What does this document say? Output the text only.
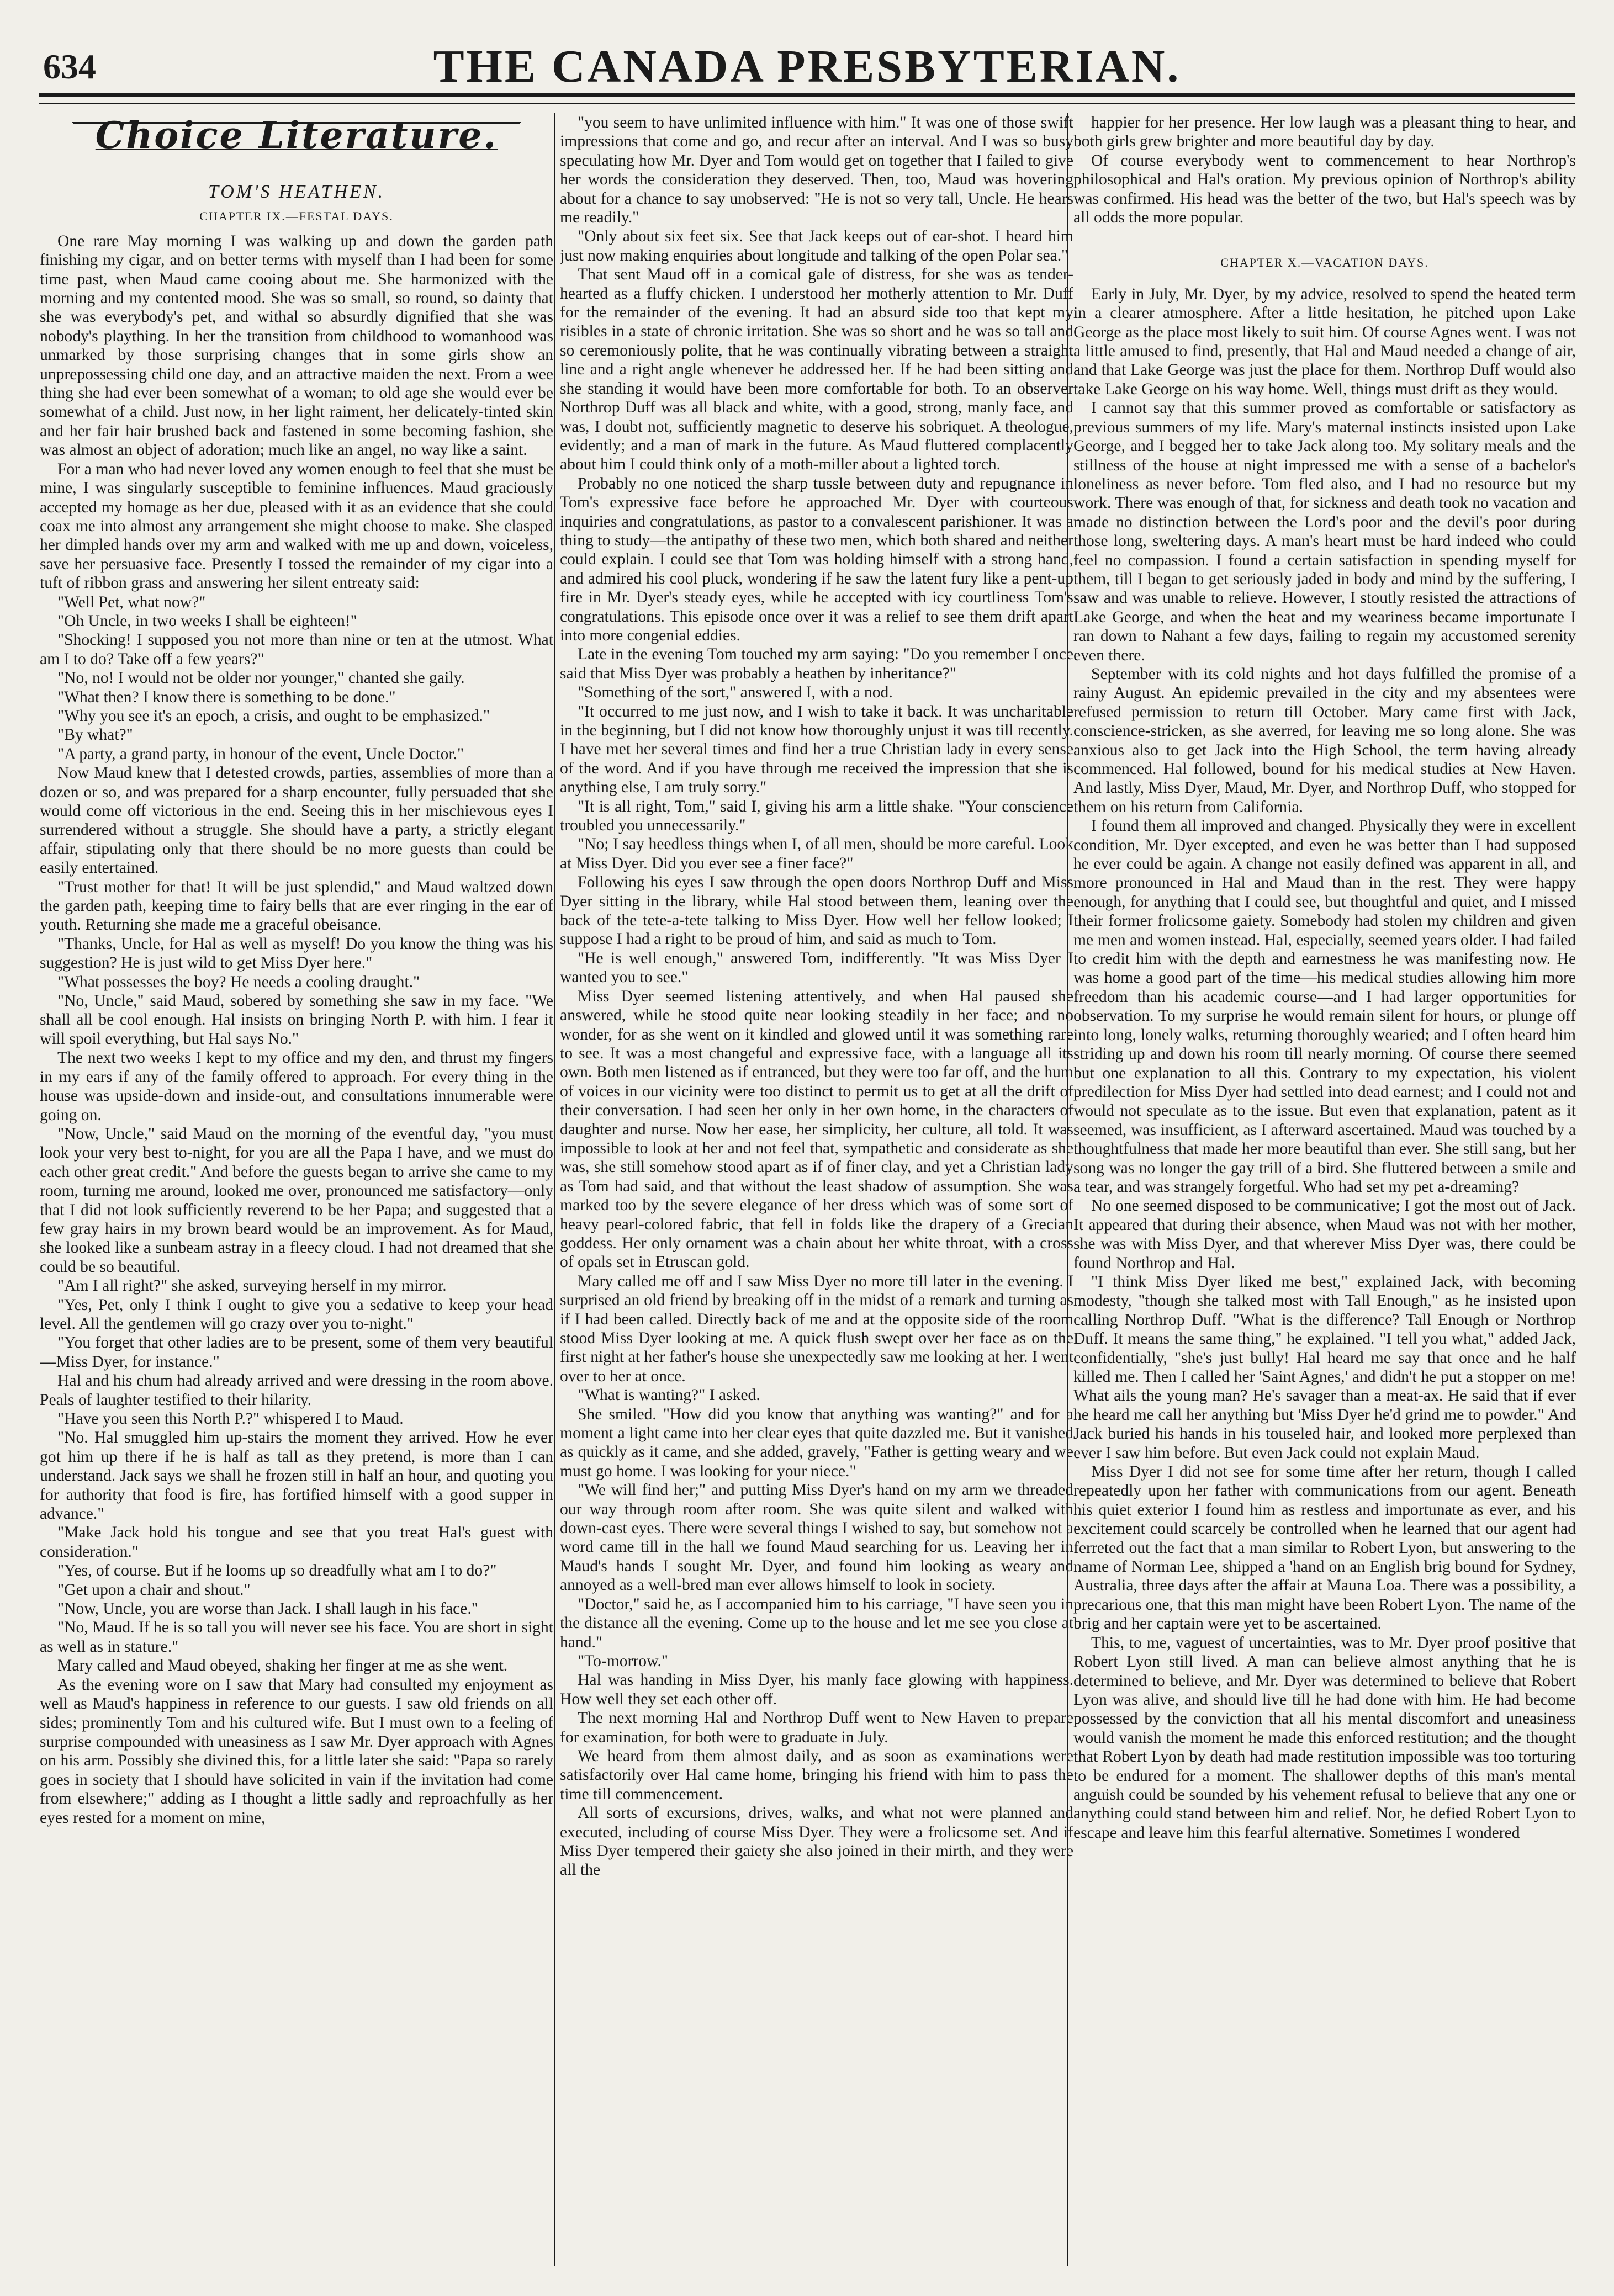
634	THE CANADA PRESBYTERIAN.
Choice Literature.
TOM'S HEATHEN.
CHAPTER IX.—FESTAL DAYS.

One rare May morning I was walking up and down the garden path finishing my cigar, and on better terms with myself than I had been for some time past, when Maud came cooing about me. She harmonized with the morning and my contented mood. She was so small, so round, so dainty that she was everybody's pet, and withal so absurdly dignified that she was nobody's plaything. In her the transition from childhood to womanhood was unmarked by those surprising changes that in some girls show an unprepossessing child one day, and an attractive maiden the next. From a wee thing she had ever been somewhat of a woman; to old age she would ever be somewhat of a child. Just now, in her light raiment, her delicately-tinted skin and her fair hair brushed back and fastened in some becoming fashion, she was almost an object of adoration; much like an angel, no way like a saint.

For a man who had never loved any women enough to feel that she must be mine, I was singularly susceptible to feminine influences. Maud graciously accepted my homage as her due, pleased with it as an evidence that she could coax me into almost any arrangement she might choose to make. She clasped her dimpled hands over my arm and walked with me up and down, voiceless, save her persuasive face. Presently I tossed the remainder of my cigar into a tuft of ribbon grass and answering her silent entreaty said:

"Well Pet, what now?"

"Oh Uncle, in two weeks I shall be eighteen!"

"Shocking! I supposed you not more than nine or ten at the utmost. What am I to do? Take off a few years?"

"No, no! I would not be older nor younger," chanted she gaily.

"What then? I know there is something to be done."

"Why you see it's an epoch, a crisis, and ought to be emphasized."

"By what?"

"A party, a grand party, in honour of the event, Uncle Doctor."

Now Maud knew that I detested crowds, parties, assemblies of more than a dozen or so, and was prepared for a sharp encounter, fully persuaded that she would come off victorious in the end. Seeing this in her mischievous eyes I surrendered without a struggle. She should have a party, a strictly elegant affair, stipulating only that there should be no more guests than could be easily entertained.

"Trust mother for that! It will be just splendid," and Maud waltzed down the garden path, keeping time to fairy bells that are ever ringing in the ear of youth. Returning she made me a graceful obeisance.

"Thanks, Uncle, for Hal as well as myself! Do you know the thing was his suggestion? He is just wild to get Miss Dyer here."

"What possesses the boy? He needs a cooling draught."

"No, Uncle," said Maud, sobered by something she saw in my face. "We shall all be cool enough. Hal insists on bringing North P. with him. I fear it will spoil everything, but Hal says No."

The next two weeks I kept to my office and my den, and thrust my fingers in my ears if any of the family offered to approach. For every thing in the house was upside-down and inside-out, and consultations innumerable were going on.

"Now, Uncle," said Maud on the morning of the eventful day, "you must look your very best to-night, for you are all the Papa I have, and we must do each other great credit." And before the guests began to arrive she came to my room, turning me around, looked me over, pronounced me satisfactory—only that I did not look sufficiently reverend to be her Papa; and suggested that a few gray hairs in my brown beard would be an improvement. As for Maud, she looked like a sunbeam astray in a fleecy cloud. I had not dreamed that she could be so beautiful.

"Am I all right?" she asked, surveying herself in my mirror.

"Yes, Pet, only I think I ought to give you a sedative to keep your head level. All the gentlemen will go crazy over you to-night."

"You forget that other ladies are to be present, some of them very beautiful—Miss Dyer, for instance."

Hal and his chum had already arrived and were dressing in the room above. Peals of laughter testified to their hilarity.

"Have you seen this North P.?" whispered I to Maud.

"No. Hal smuggled him up-stairs the moment they arrived. How he ever got him up there if he is half as tall as they pretend, is more than I can understand. Jack says we shall he frozen still in half an hour, and quoting you for authority that food is fire, has fortified himself with a good supper in advance."

"Make Jack hold his tongue and see that you treat Hal's guest with consideration."

"Yes, of course. But if he looms up so dreadfully what am I to do?"

"Get upon a chair and shout."

"Now, Uncle, you are worse than Jack. I shall laugh in his face."

"No, Maud. If he is so tall you will never see his face. You are short in sight as well as in stature."

Mary called and Maud obeyed, shaking her finger at me as she went.

As the evening wore on I saw that Mary had consulted my enjoyment as well as Maud's happiness in reference to our guests. I saw old friends on all sides; prominently Tom and his cultured wife. But I must own to a feeling of surprise compounded with uneasiness as I saw Mr. Dyer approach with Agnes on his arm. Possibly she divined this, for a little later she said: "Papa so rarely goes in society that I should have solicited in vain if the invitation had come from elsewhere;" adding as I thought a little sadly and reproachfully as her eyes rested for a moment on mine,

"you seem to have unlimited influence with him." It was one of those swift impressions that come and go, and recur after an interval. And I was so busy speculating how Mr. Dyer and Tom would get on together that I failed to give her words the consideration they deserved. Then, too, Maud was hovering about for a chance to say unobserved: "He is not so very tall, Uncle. He hears me readily."

"Only about six feet six. See that Jack keeps out of ear-shot. I heard him just now making enquiries about longitude and talking of the open Polar sea."

That sent Maud off in a comical gale of distress, for she was as tender-hearted as a fluffy chicken. I understood her motherly attention to Mr. Duff for the remainder of the evening. It had an absurd side too that kept my risibles in a state of chronic irritation. She was so short and he was so tall and so ceremoniously polite, that he was continually vibrating between a straight line and a right angle whenever he addressed her. If he had been sitting and she standing it would have been more comfortable for both. To an observer Northrop Duff was all black and white, with a good, strong, manly face, and was, I doubt not, sufficiently magnetic to deserve his sobriquet. A theologue, evidently; and a man of mark in the future. As Maud fluttered complacently about him I could think only of a moth-miller about a lighted torch.

Probably no one noticed the sharp tussle between duty and repugnance in Tom's expressive face before he approached Mr. Dyer with courteous inquiries and congratulations, as pastor to a convalescent parishioner. It was a thing to study—the antipathy of these two men, which both shared and neither could explain. I could see that Tom was holding himself with a strong hand, and admired his cool pluck, wondering if he saw the latent fury like a pent-up fire in Mr. Dyer's steady eyes, while he accepted with icy courtliness Tom's congratulations. This episode once over it was a relief to see them drift apart into more congenial eddies.

Late in the evening Tom touched my arm saying: "Do you remember I once said that Miss Dyer was probably a heathen by inheritance?"

"Something of the sort," answered I, with a nod.

"It occurred to me just now, and I wish to take it back. It was uncharitable in the beginning, but I did not know how thoroughly unjust it was till recently. I have met her several times and find her a true Christian lady in every sense of the word. And if you have through me received the impression that she is anything else, I am truly sorry."

"It is all right, Tom," said I, giving his arm a little shake. "Your conscience troubled you unnecessarily."

"No; I say heedless things when I, of all men, should be more careful. Look at Miss Dyer. Did you ever see a finer face?"

Following his eyes I saw through the open doors Northrop Duff and Miss Dyer sitting in the library, while Hal stood between them, leaning over the back of the tete-a-tete talking to Miss Dyer. How well her fellow looked; I suppose I had a right to be proud of him, and said as much to Tom.

"He is well enough," answered Tom, indifferently. "It was Miss Dyer I wanted you to see."

Miss Dyer seemed listening attentively, and when Hal paused she answered, while he stood quite near looking steadily in her face; and no wonder, for as she went on it kindled and glowed until it was something rare to see. It was a most changeful and expressive face, with a language all its own. Both men listened as if entranced, but they were too far off, and the hum of voices in our vicinity were too distinct to permit us to get at all the drift of their conversation. I had seen her only in her own home, in the characters of daughter and nurse. Now her ease, her simplicity, her culture, all told. It was impossible to look at her and not feel that, sympathetic and considerate as she was, she still somehow stood apart as if of finer clay, and yet a Christian lady as Tom had said, and that without the least shadow of assumption. She was marked too by the severe elegance of her dress which was of some sort of heavy pearl-colored fabric, that fell in folds like the drapery of a Grecian goddess. Her only ornament was a chain about her white throat, with a cross of opals set in Etruscan gold.

Mary called me off and I saw Miss Dyer no more till later in the evening. I surprised an old friend by breaking off in the midst of a remark and turning as if I had been called. Directly back of me and at the opposite side of the room stood Miss Dyer looking at me. A quick flush swept over her face as on the first night at her father's house she unexpectedly saw me looking at her. I went over to her at once.

"What is wanting?" I asked.

She smiled. "How did you know that anything was wanting?" and for a moment a light came into her clear eyes that quite dazzled me. But it vanished as quickly as it came, and she added, gravely, "Father is getting weary and we must go home. I was looking for your niece."

"We will find her;" and putting Miss Dyer's hand on my arm we threaded our way through room after room. She was quite silent and walked with down-cast eyes. There were several things I wished to say, but somehow not a word came till in the hall we found Maud searching for us. Leaving her in Maud's hands I sought Mr. Dyer, and found him looking as weary and annoyed as a well-bred man ever allows himself to look in society.

"Doctor," said he, as I accompanied him to his carriage, "I have seen you in the distance all the evening. Come up to the house and let me see you close at hand."

"To-morrow."

Hal was handing in Miss Dyer, his manly face glowing with happiness. How well they set each other off.

The next morning Hal and Northrop Duff went to New Haven to prepare for examination, for both were to graduate in July.

We heard from them almost daily, and as soon as examinations were satisfactorily over Hal came home, bringing his friend with him to pass the time till commencement.

All sorts of excursions, drives, walks, and what not were planned and executed, including of course Miss Dyer. They were a frolicsome set. And if Miss Dyer tempered their gaiety she also joined in their mirth, and they were all the

happier for her presence. Her low laugh was a pleasant thing to hear, and both girls grew brighter and more beautiful day by day.

Of course everybody went to commencement to hear Northrop's philosophical and Hal's oration. My previous opinion of Northrop's ability was confirmed. His head was the better of the two, but Hal's speech was by all odds the more popular.

CHAPTER X.—VACATION DAYS.

Early in July, Mr. Dyer, by my advice, resolved to spend the heated term in a clearer atmosphere. After a little hesitation, he pitched upon Lake George as the place most likely to suit him. Of course Agnes went. I was not a little amused to find, presently, that Hal and Maud needed a change of air, and that Lake George was just the place for them. Northrop Duff would also take Lake George on his way home. Well, things must drift as they would.

I cannot say that this summer proved as comfortable or satisfactory as previous summers of my life. Mary's maternal instincts insisted upon Lake George, and I begged her to take Jack along too. My solitary meals and the stillness of the house at night impressed me with a sense of a bachelor's loneliness as never before. Tom fled also, and I had no resource but my work. There was enough of that, for sickness and death took no vacation and made no distinction between the Lord's poor and the devil's poor during those long, sweltering days. A man's heart must be hard indeed who could feel no compassion. I found a certain satisfaction in spending myself for them, till I began to get seriously jaded in body and mind by the suffering, I saw and was unable to relieve. However, I stoutly resisted the attractions of Lake George, and when the heat and my weariness became importunate I ran down to Nahant a few days, failing to regain my accustomed serenity even there.

September with its cold nights and hot days fulfilled the promise of a rainy August. An epidemic prevailed in the city and my absentees were refused permission to return till October. Mary came first with Jack, conscience-stricken, as she averred, for leaving me so long alone. She was anxious also to get Jack into the High School, the term having already commenced. Hal followed, bound for his medical studies at New Haven. And lastly, Miss Dyer, Maud, Mr. Dyer, and Northrop Duff, who stopped for them on his return from California.

I found them all improved and changed. Physically they were in excellent condition, Mr. Dyer excepted, and even he was better than I had supposed he ever could be again. A change not easily defined was apparent in all, and more pronounced in Hal and Maud than in the rest. They were happy enough, for anything that I could see, but thoughtful and quiet, and I missed their former frolicsome gaiety. Somebody had stolen my children and given me men and women instead. Hal, especially, seemed years older. I had failed to credit him with the depth and earnestness he was manifesting now. He was home a good part of the time—his medical studies allowing him more freedom than his academic course—and I had larger opportunities for observation. To my surprise he would remain silent for hours, or plunge off into long, lonely walks, returning thoroughly wearied; and I often heard him striding up and down his room till nearly morning. Of course there seemed but one explanation to all this. Contrary to my expectation, his violent predilection for Miss Dyer had settled into dead earnest; and I could not and would not speculate as to the issue. But even that explanation, patent as it seemed, was insufficient, as I afterward ascertained. Maud was touched by a thoughtfulness that made her more beautiful than ever. She still sang, but her song was no longer the gay trill of a bird. She fluttered between a smile and a tear, and was strangely forgetful. Who had set my pet a-dreaming?

No one seemed disposed to be communicative; I got the most out of Jack. It appeared that during their absence, when Maud was not with her mother, she was with Miss Dyer, and that wherever Miss Dyer was, there could be found Northrop and Hal.

"I think Miss Dyer liked me best," explained Jack, with becoming modesty, "though she talked most with Tall Enough," as he insisted upon calling Northrop Duff. "What is the difference? Tall Enough or Northrop Duff. It means the same thing," he explained. "I tell you what," added Jack, confidentially, "she's just bully! Hal heard me say that once and he half killed me. Then I called her 'Saint Agnes,' and didn't he put a stopper on me! What ails the young man? He's savager than a meat-ax. He said that if ever he heard me call her anything but 'Miss Dyer he'd grind me to powder." And Jack buried his hands in his touseled hair, and looked more perplexed than ever I saw him before. But even Jack could not explain Maud.

Miss Dyer I did not see for some time after her return, though I called repeatedly upon her father with communications from our agent. Beneath his quiet exterior I found him as restless and importunate as ever, and his excitement could scarcely be controlled when he learned that our agent had ferreted out the fact that a man similar to Robert Lyon, but answering to the name of Norman Lee, shipped a 'hand on an English brig bound for Sydney, Australia, three days after the affair at Mauna Loa. There was a possibility, a precarious one, that this man might have been Robert Lyon. The name of the brig and her captain were yet to be ascertained.

This, to me, vaguest of uncertainties, was to Mr. Dyer proof positive that Robert Lyon still lived. A man can believe almost anything that he is determined to believe, and Mr. Dyer was determined to believe that Robert Lyon was alive, and should live till he had done with him. He had become possessed by the conviction that all his mental discomfort and uneasiness would vanish the moment he made this enforced restitution; and the thought that Robert Lyon by death had made restitution impossible was too torturing to be endured for a moment. The shallower depths of this man's mental anguish could be sounded by his vehement refusal to believe that any one or anything could stand between him and relief. Nor, he defied Robert Lyon to escape and leave him this fearful alternative. Sometimes I wondered
